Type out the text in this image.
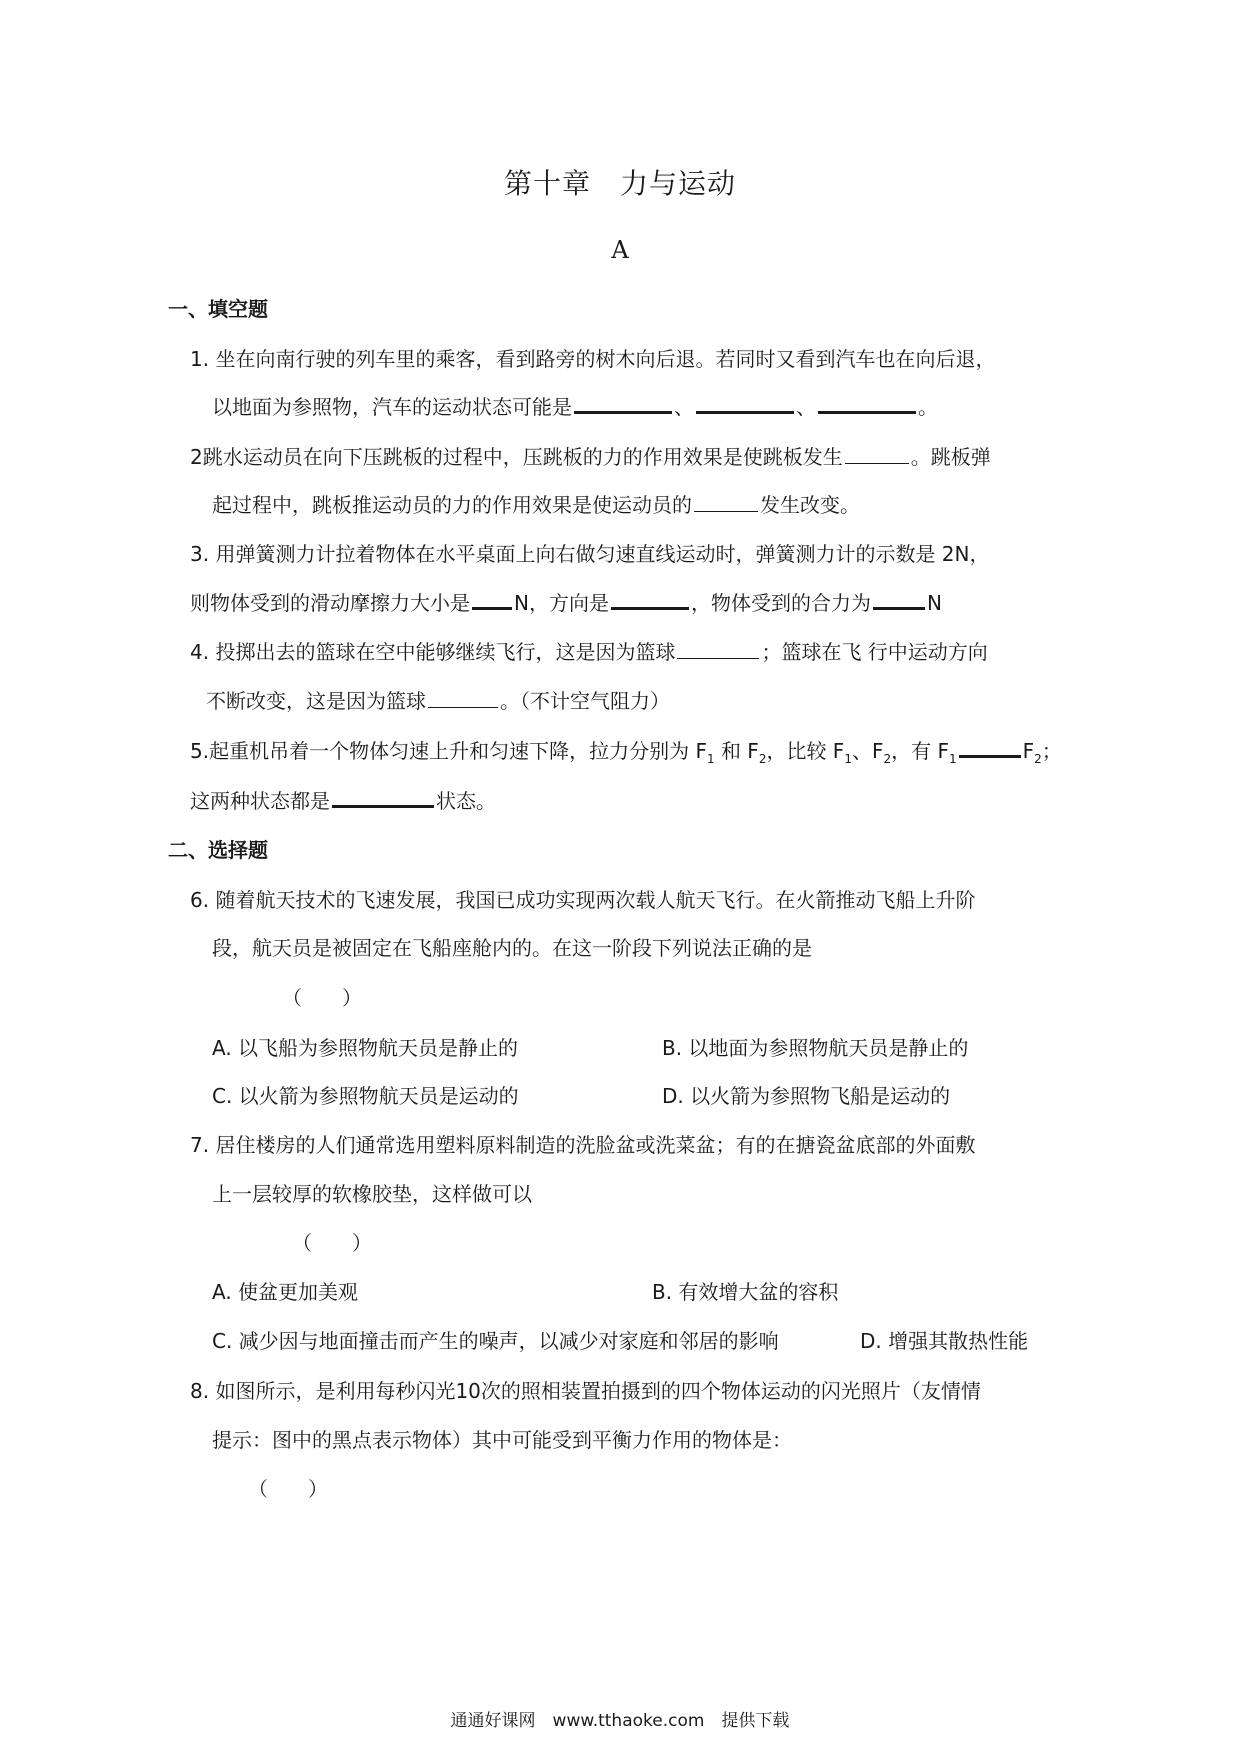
第十章　力与运动
A
一、填空题
1. 坐在向南行驶的列车里的乘客，看到路旁的树木向后退。若同时又看到汽车也在向后退，
以地面为参照物，汽车的运动状态可能是	、	、	。
2跳水运动员在向下压跳板的过程中，压跳板的力的作用效果是使跳板发生	。跳板弹
起过程中，跳板推运动员的力的作用效果是使运动员的	发生改变。
3. 用弹簧测力计拉着物体在水平桌面上向右做匀速直线运动时，弹簧测力计的示数是 2N，
则物体受到的滑动摩擦力大小是 N，方向是	，物体受到的合力为	N
4. 投掷出去的篮球在空中能够继续飞行，这是因为篮球	；篮球在飞 行中运动方向
不断改变，这是因为篮球	。（不计空气阻力）
5.起重机吊着一个物体匀速上升和匀速下降，拉力分别为 $F_1$ 和 $F_2$，比较 $F_1$、$F_2$，有 $F_1$	$F_2$；
这两种状态都是	状态。
二、选择题
6. 随着航天技术的飞速发展，我国已成功实现两次载人航天飞行。在火箭推动飞船上升阶
段，航天员是被固定在飞船座舱内的。在这一阶段下列说法正确的是
（　　）
A. 以飞船为参照物航天员是静止的	B. 以地面为参照物航天员是静止的
C. 以火箭为参照物航天员是运动的	D. 以火箭为参照物飞船是运动的
7. 居住楼房的人们通常选用塑料原料制造的洗脸盆或洗菜盆；有的在搪瓷盆底部的外面敷
上一层较厚的软橡胶垫，这样做可以
（　　）
A. 使盆更加美观	B. 有效增大盆的容积
C. 减少因与地面撞击而产生的噪声，以减少对家庭和邻居的影响	D. 增强其散热性能
8. 如图所示，是利用每秒闪光10次的照相装置拍摄到的四个物体运动的闪光照片（友情情
提示：图中的黑点表示物体）其中可能受到平衡力作用的物体是：
（　　）
通通好课网　www.tthaoke.com　提供下载
